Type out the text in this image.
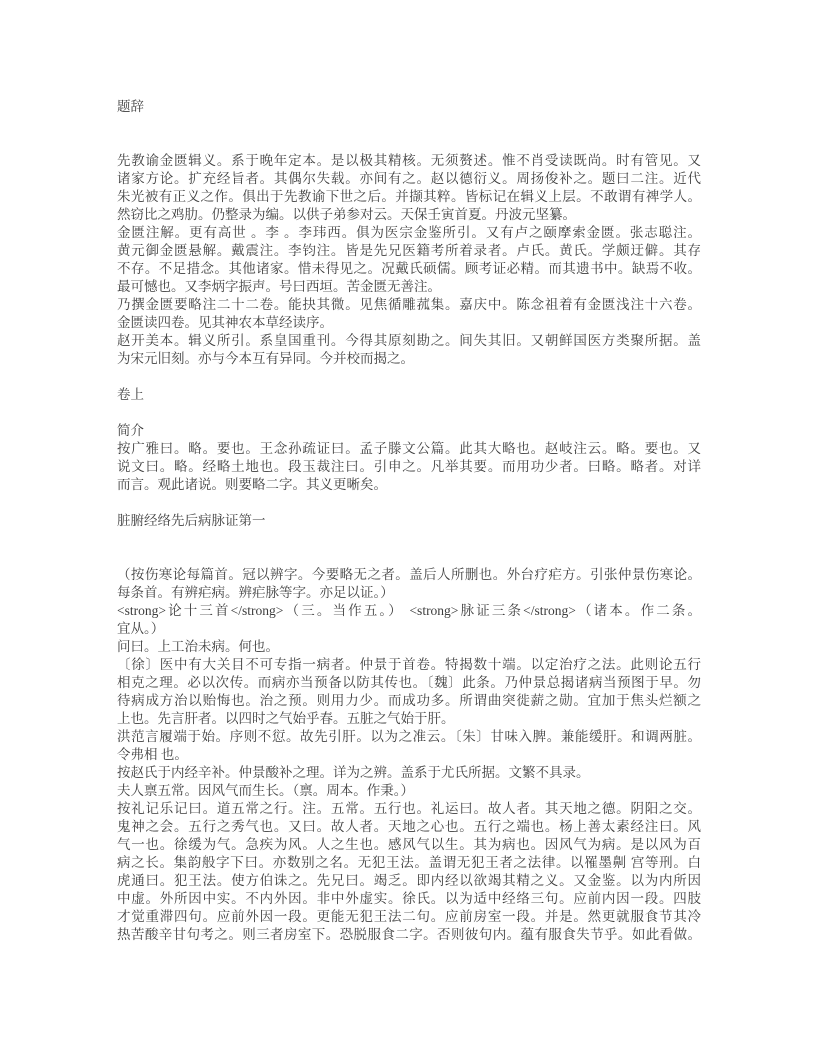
题辞
先教谕金匮辑义。系于晚年定本。是以极其精核。无须赘述。惟不肖受读既尚。时有管见。又
诸家方论。扩充经旨者。其偶尔失载。亦间有之。赵以德衍义。周扬俊补之。题曰二注。近代
朱光被有正义之作。俱出于先教谕下世之后。并撷其粹。皆标记在辑义上层。不敢谓有禆学人。
然窃比之鸡肋。仍整录为编。以供子弟参对云。天保壬寅首夏。丹波元坚纂。
金匮注解。更有高世 。李 。李玮西。俱为医宗金鉴所引。又有卢之颐摩索金匮。张志聪注。
黄元御金匮悬解。戴震注。李钧注。皆是先兄医籍考所着录者。卢氏。黄氏。学颇迂僻。其存
不存。不足措念。其他诸家。惜未得见之。况戴氏硕儒。顾考证必精。而其遗书中。缺焉不收。
最可憾也。又李炳字振声。号曰西垣。苦金匮无善注。
乃撰金匮要略注二十二卷。能抉其微。见焦循雕菰集。嘉庆中。陈念祖着有金匮浅注十六卷。
金匮读四卷。见其神农本草经读序。
赵开美本。辑义所引。系皇国重刊。今得其原刻勘之。间失其旧。又朝鲜国医方类聚所据。盖
为宋元旧刻。亦与今本互有异同。今并校而揭之。
卷上
简介
按广雅曰。略。要也。王念孙疏证曰。孟子滕文公篇。此其大略也。赵岐注云。略。要也。又
说文曰。略。经略土地也。段玉裁注曰。引申之。凡举其要。而用功少者。曰略。略者。对详
而言。观此诸说。则要略二字。其义更晰矣。
脏腑经络先后病脉证第一
（按伤寒论每篇首。冠以辨字。今要略无之者。盖后人所删也。外台疗疟方。引张仲景伤寒论。
每条首。有辨疟病。辨疟脉等字。亦足以证。）
<strong>论十三首</strong>（三。当作五。） <strong>脉证三条</strong>（诸本。作二条。
宜从。）
问曰。上工治未病。何也。
〔徐〕医中有大关目不可专指一病者。仲景于首卷。特揭数十端。以定治疗之法。此则论五行
相克之理。必以次传。而病亦当预备以防其传也。〔魏〕此条。乃仲景总揭诸病当预图于早。勿
待病成方治以贻悔也。治之预。则用力少。而成功多。所谓曲突徙薪之勋。宜加于焦头烂额之
上也。先言肝者。以四时之气始乎春。五脏之气始于肝。
洪范言履端于始。序则不愆。故先引肝。以为之准云。〔朱〕甘味入脾。兼能缓肝。和调两脏。
令弗相 也。
按赵氏于内经辛补。仲景酸补之理。详为之辨。盖系于尤氏所据。文繁不具录。
夫人禀五常。因风气而生长。（禀。周本。作秉。）
按礼记乐记曰。道五常之行。注。五常。五行也。礼运曰。故人者。其天地之德。阴阳之交。
鬼神之会。五行之秀气也。又曰。故人者。天地之心也。五行之端也。杨上善太素经注曰。风
气一也。徐缓为气。急疾为风。人之生也。感风气以生。其为病也。因风气为病。是以风为百
病之长。集韵般字下曰。亦数别之名。无犯王法。盖谓无犯王者之法律。以罹墨劓 宫等刑。白
虎通曰。犯王法。使方伯诛之。先兄曰。竭乏。即内经以欲竭其精之义。又金鉴。以为内所因
中虚。外所因中实。不内外因。非中外虚实。徐氏。以为适中经络三句。应前内因一段。四肢
才觉重滞四句。应前外因一段。更能无犯王法二句。应前房室一段。并是。然更就服食节其冷
热苦酸辛甘句考之。则三者房室下。恐脱服食二字。否则彼句内。蕴有服食失节乎。如此看做。
